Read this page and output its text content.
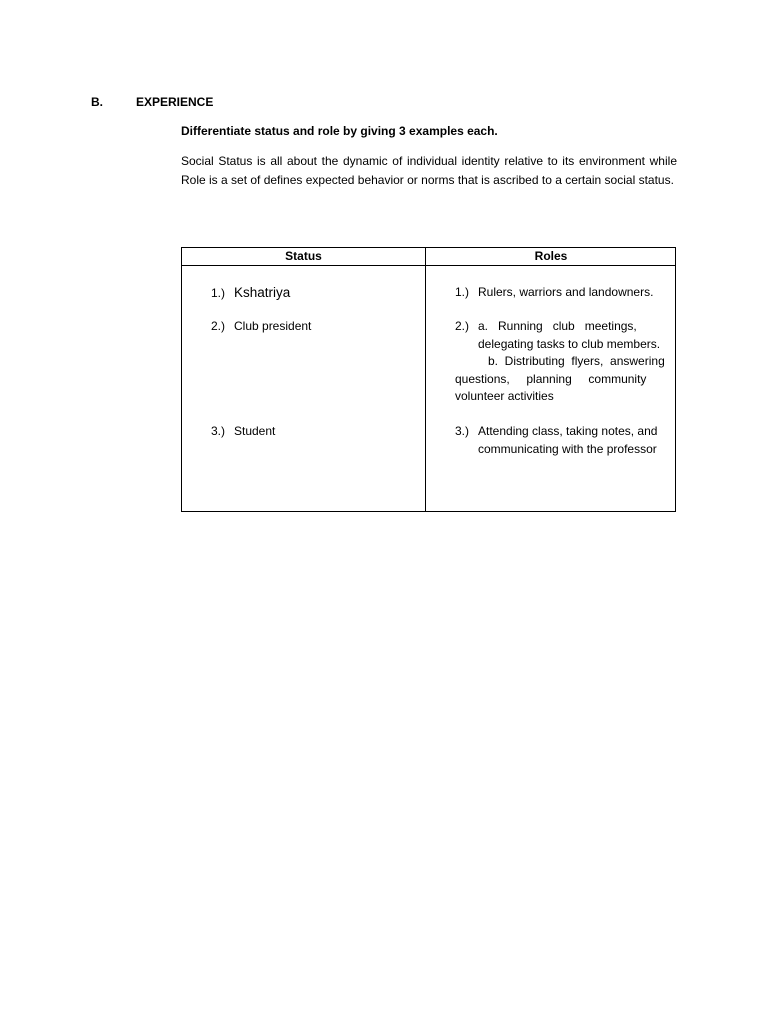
B.	EXPERIENCE
Differentiate status and role by giving 3 examples each.
Social Status is all about the dynamic of individual identity relative to its environment while Role is a set of defines expected behavior or norms that is ascribed to a certain social status.
Status	Roles
1.) Kshatriya	1.) Rulers, warriors and landowners.
2.) Club president	2.) a.   Running   club   meetings,
delegating tasks to club members.
b.  Distributing  flyers,  answering
questions,     planning     community
volunteer activities
3.) Student	3.) Attending class, taking notes, and
communicating with the professor
